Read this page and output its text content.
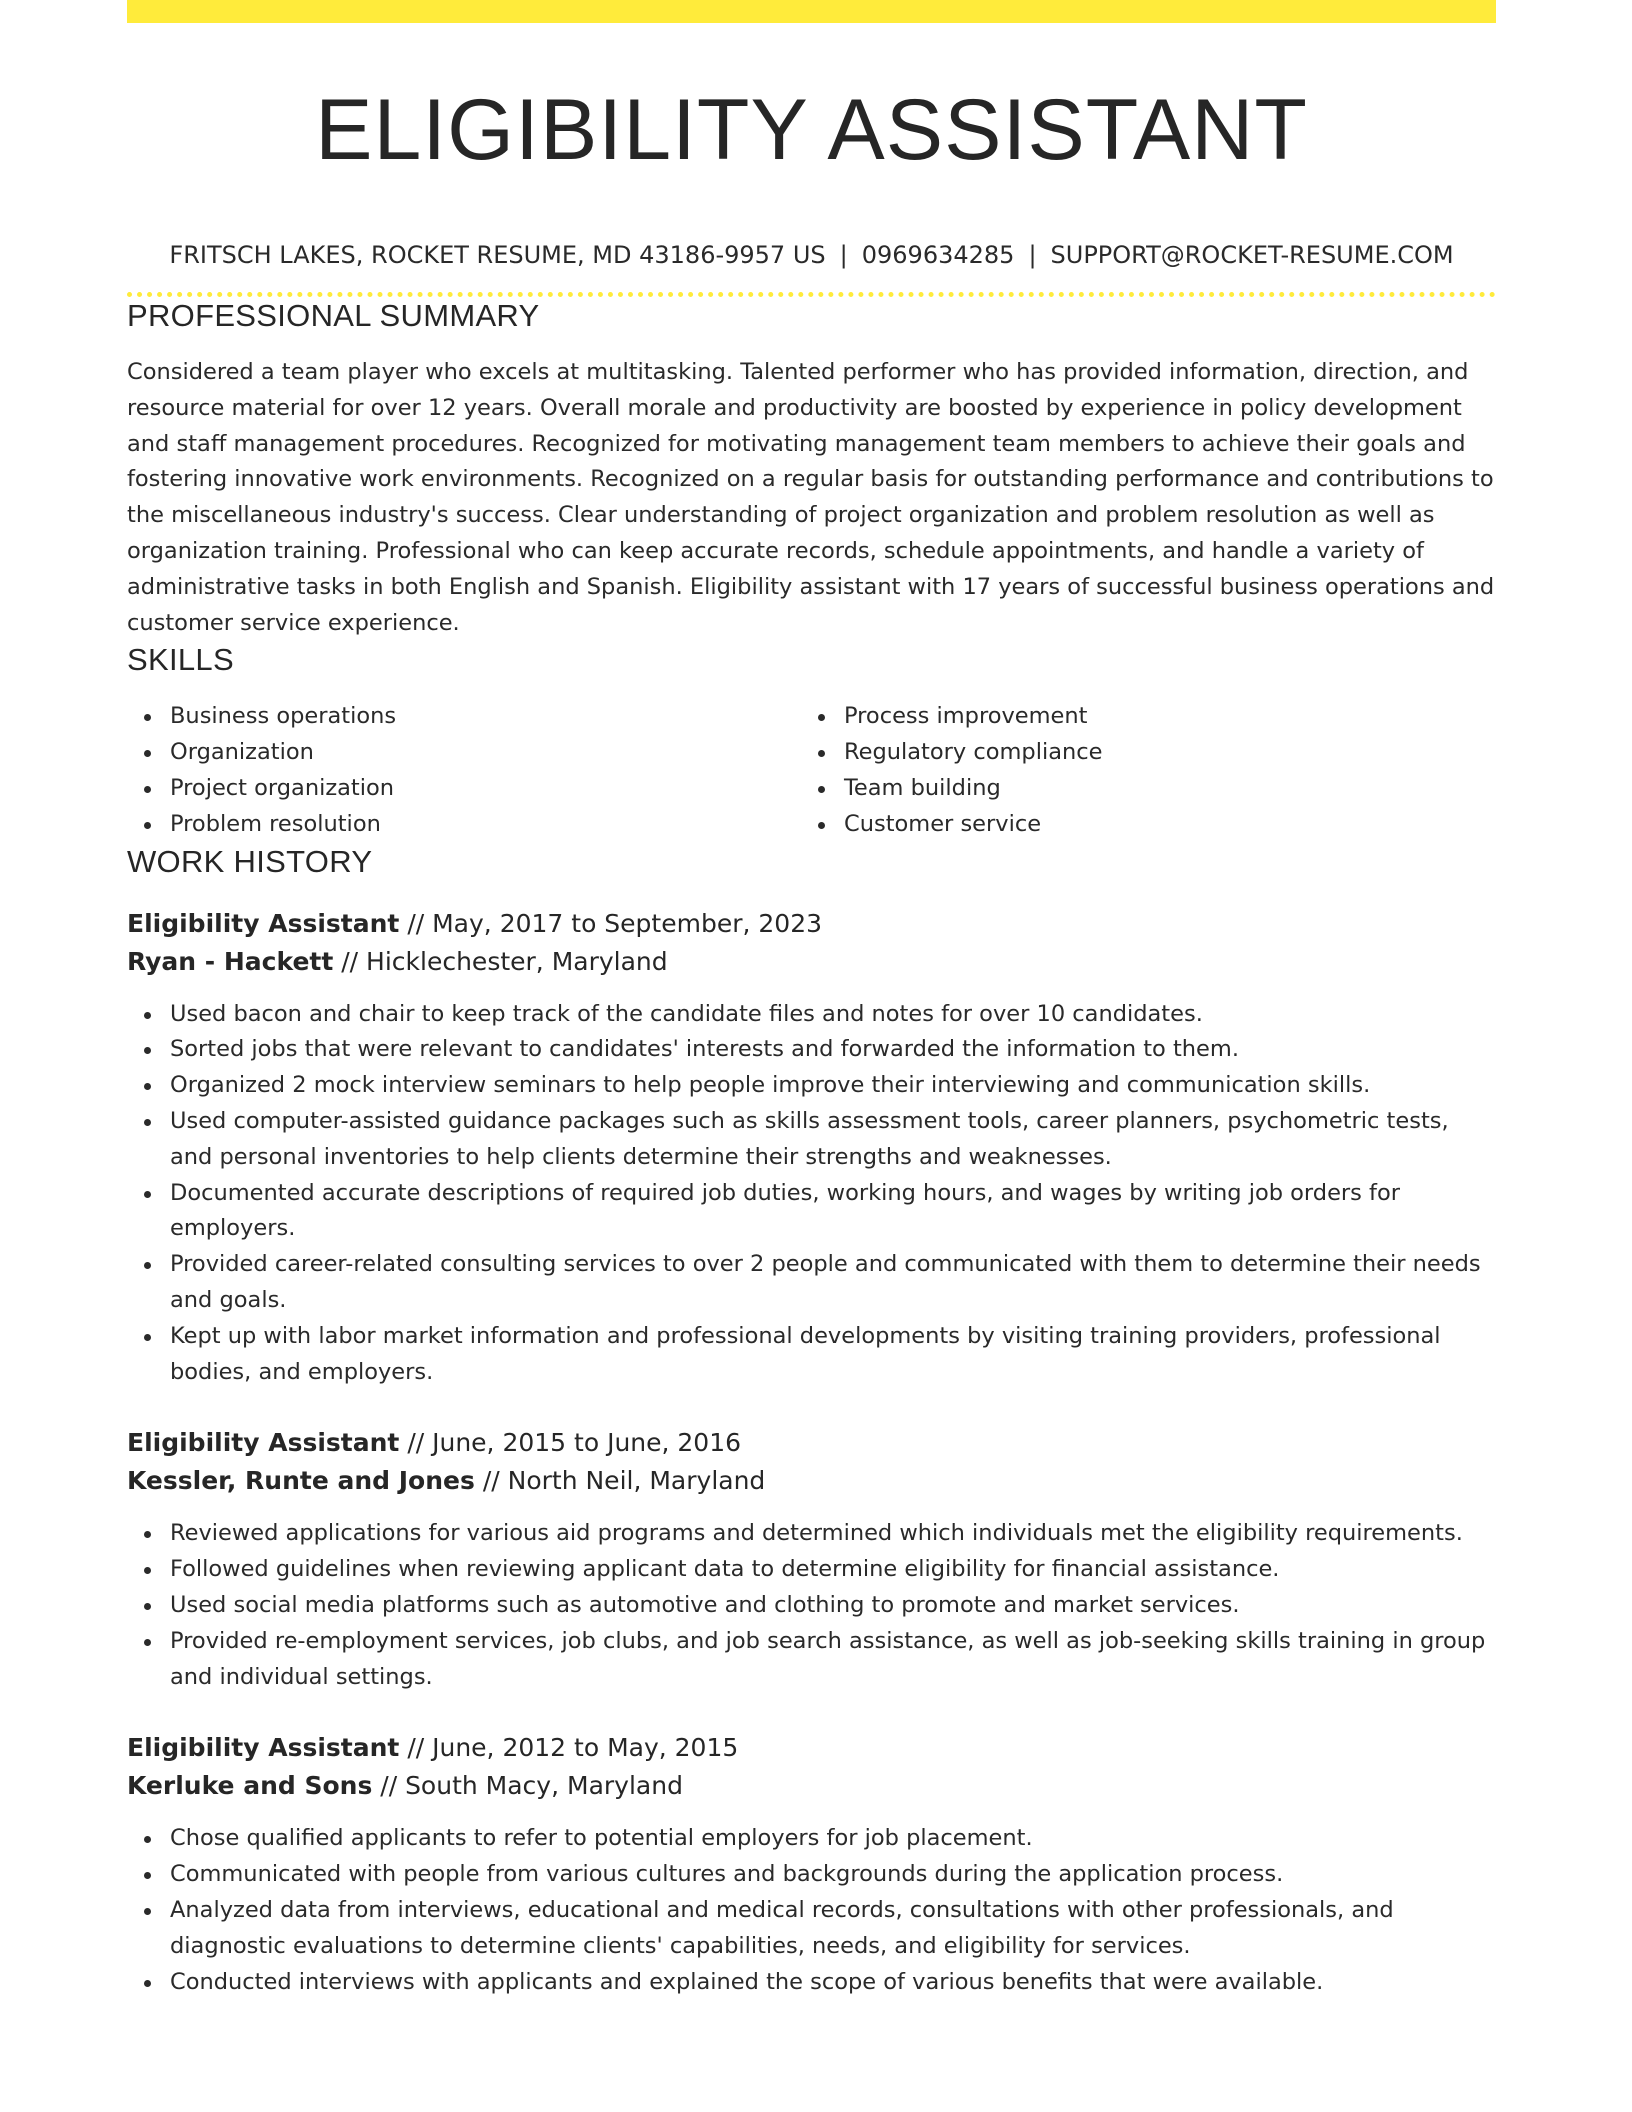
ELIGIBILITY ASSISTANT
FRITSCH LAKES, ROCKET RESUME, MD 43186-9957 US | 0969634285 | SUPPORT@ROCKET-RESUME.COM
PROFESSIONAL SUMMARY

Considered a team player who excels at multitasking. Talented performer who has provided information, direction, and resource material for over 12 years. Overall morale and productivity are boosted by experience in policy development and staff management procedures. Recognized for motivating management team members to achieve their goals and fostering innovative work environments. Recognized on a regular basis for outstanding performance and contributions to the miscellaneous industry's success. Clear understanding of project organization and problem resolution as well as organization training. Professional who can keep accurate records, schedule appointments, and handle a variety of administrative tasks in both English and Spanish. Eligibility assistant with 17 years of successful business operations and customer service experience.

SKILLS
Business operations
Organization
Project organization
Problem resolution
Process improvement
Regulatory compliance
Team building
Customer service
WORK HISTORY
Eligibility Assistant // May, 2017 to September, 2023
Ryan - Hackett // Hicklechester, Maryland
Used bacon and chair to keep track of the candidate files and notes for over 10 candidates.
Sorted jobs that were relevant to candidates' interests and forwarded the information to them.
Organized 2 mock interview seminars to help people improve their interviewing and communication skills.
Used computer-assisted guidance packages such as skills assessment tools, career planners, psychometric tests, and personal inventories to help clients determine their strengths and weaknesses.
Documented accurate descriptions of required job duties, working hours, and wages by writing job orders for employers.
Provided career-related consulting services to over 2 people and communicated with them to determine their needs and goals.
Kept up with labor market information and professional developments by visiting training providers, professional bodies, and employers.
Eligibility Assistant // June, 2015 to June, 2016
Kessler, Runte and Jones // North Neil, Maryland
Reviewed applications for various aid programs and determined which individuals met the eligibility requirements.
Followed guidelines when reviewing applicant data to determine eligibility for financial assistance.
Used social media platforms such as automotive and clothing to promote and market services.
Provided re-employment services, job clubs, and job search assistance, as well as job-seeking skills training in group and individual settings.
Eligibility Assistant // June, 2012 to May, 2015
Kerluke and Sons // South Macy, Maryland
Chose qualified applicants to refer to potential employers for job placement.
Communicated with people from various cultures and backgrounds during the application process.
Analyzed data from interviews, educational and medical records, consultations with other professionals, and diagnostic evaluations to determine clients' capabilities, needs, and eligibility for services.
Conducted interviews with applicants and explained the scope of various benefits that were available.
